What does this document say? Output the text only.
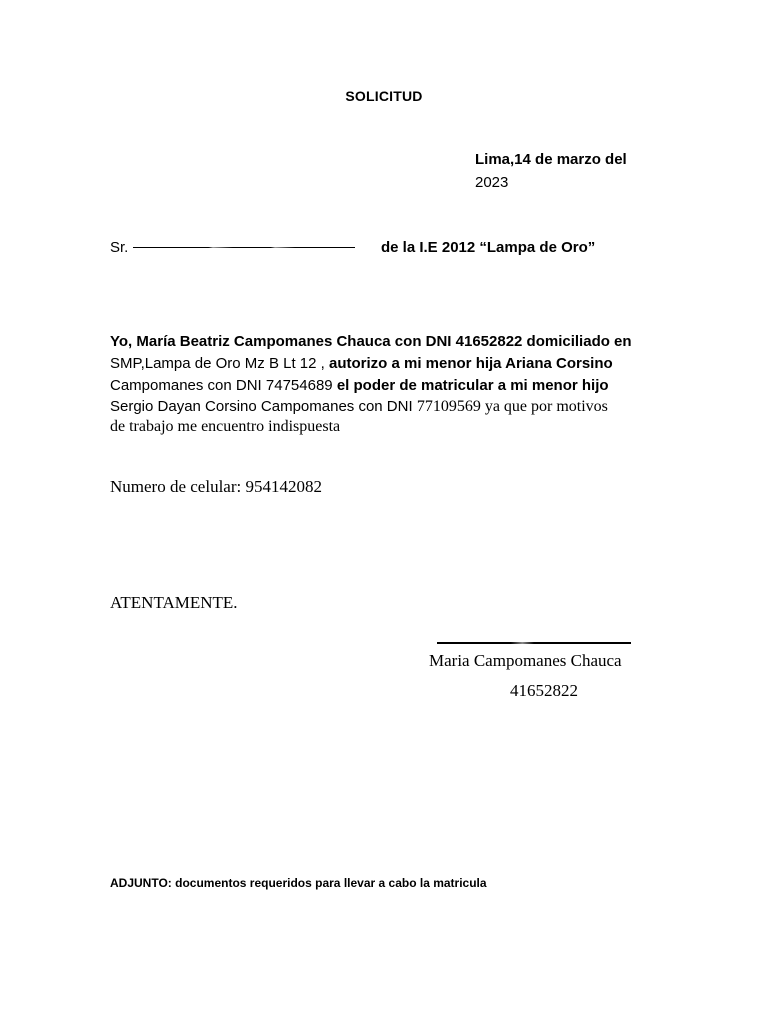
SOLICITUD
Lima,14 de marzo del
2023
Sr.	de la I.E 2012 “Lampa de Oro”
Yo, María Beatriz Campomanes Chauca con DNI 41652822 domiciliado en
SMP,Lampa de Oro Mz B Lt 12 , autorizo a mi menor hija Ariana Corsino
Campomanes con DNI 74754689 el poder de matricular a mi menor hijo
Sergio Dayan Corsino Campomanes con DNI 77109569 ya que por motivos
de trabajo me encuentro indispuesta
Numero de celular: 954142082
ATENTAMENTE.
Maria Campomanes Chauca
41652822
ADJUNTO: documentos requeridos para llevar a cabo la matricula
